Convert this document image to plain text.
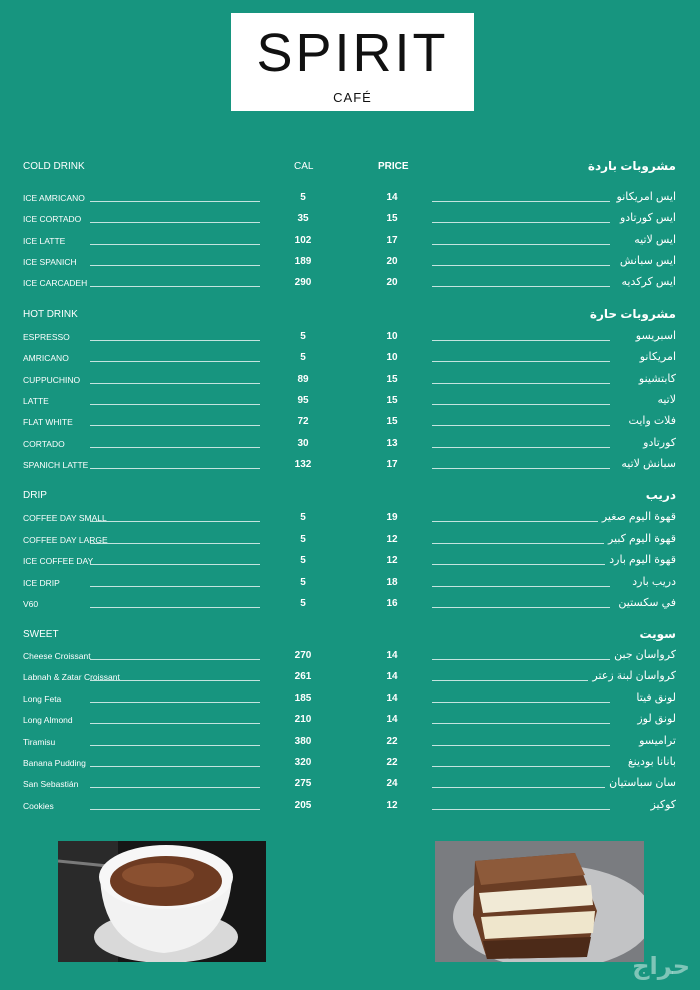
SPIRIT
CAFÉ
COLD DRINK	CAL	PRICE	مشروبات باردة
ICE AMRICANO	5	14	ايس امريكانو
ICE CORTADO	35	15	ايس كورتادو
ICE LATTE	102	17	ايس لاتيه
ICE SPANICH	189	20	ايس سبانش
ICE CARCADEH	290	20	ايس كركديه
HOT DRINK	مشروبات حارة
ESPRESSO	5	10	اسبريسو
AMRICANO	5	10	امريكانو
CUPPUCHINO	89	15	كابتشينو
LATTE	95	15	لاتيه
FLAT WHITE	72	15	فلات وايت
CORTADO	30	13	كورتادو
SPANICH LATTE	132	17	سبانش لاتيه
DRIP	دريب
COFFEE DAY SMALL	5	19	قهوة اليوم صغير
COFFEE DAY LARGE	5	12	قهوة اليوم كبير
ICE COFFEE DAY	5	12	قهوة اليوم بارد
ICE DRIP	5	18	دريب بارد
V60	5	16	في سكستين
SWEET	سويت
Cheese Croissant	270	14	كرواسان جبن
Labnah & Zatar Croissant	261	14	كرواسان لبنة زعتر
Long Feta	185	14	لونق فيتا
Long Almond	210	14	لونق لوز
Tiramisu	380	22	ترامیسو
Banana Pudding	320	22	بانانا بودينغ
San Sebastián	275	24	سان سباستيان
Cookies	205	12	كوكيز
حراج
